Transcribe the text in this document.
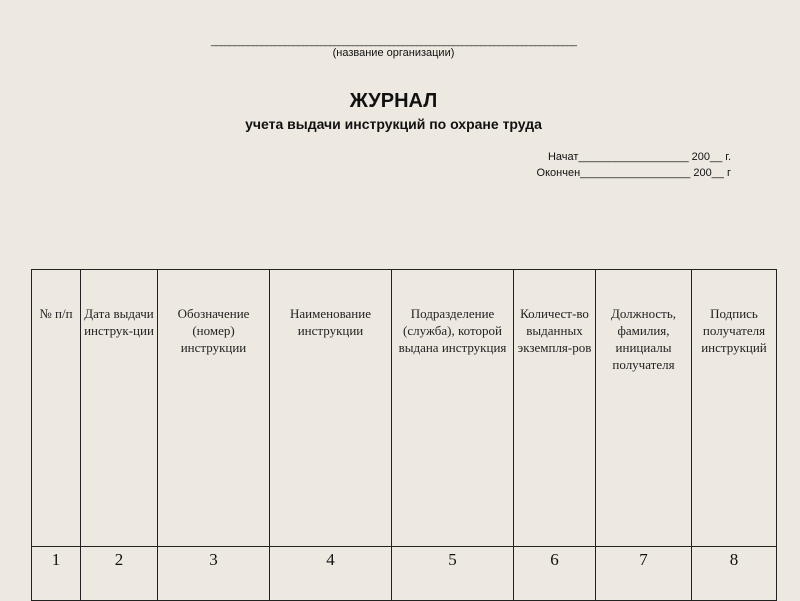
________________________________________________________________________________
(название организации)
ЖУРНАЛ
учета выдачи инструкций по охране труда
Начат__________________ 200__ г.
Окончен__________________ 200__ г
№ п/п	Дата выдачи инструк-ции	Обозначение (номер) инструкции	Наименование инструкции	Подразделение (служба), которой выдана инструкция	Количест-во выданных экземпля-ров	Должность, фамилия, инициалы получателя	Подпись получателя инструкций
1	2	3	4	5	6	7	8
